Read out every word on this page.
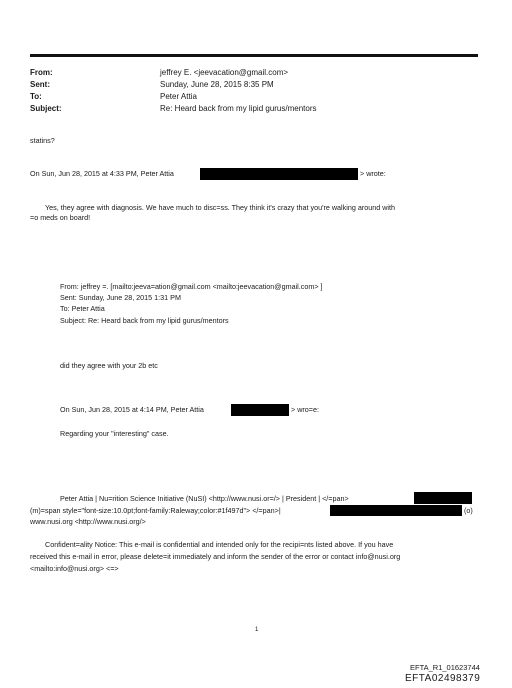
From:	jeffrey E. <jeevacation@gmail.com>
Sent:	Sunday, June 28, 2015 8:35 PM
To:	Peter Attia
Subject:	Re: Heard back from my lipid gurus/mentors
statins?
On Sun, Jun 28, 2015 at 4:33 PM, Peter Attia	> wrote:
Yes, they agree with diagnosis. We have much to disc=ss. They think it's crazy that you're walking around with
=o meds on board!
From: jeffrey =. [mailto:jeeva=ation@gmail.com <mailto:jeevacation@gmail.com> ]
Sent: Sunday, June 28, 2015 1:31 PM
To: Peter Attia
Subject: Re: Heard back from my lipid gurus/mentors
did they agree with your 2b etc
On Sun, Jun 28, 2015 at 4:14 PM, Peter Attia	> wro=e:
Regarding your "interesting" case.
Peter Attia | Nu=rition Science Initiative (NuSI) <http://www.nusi.or=/> | President | </=pan>
(m)=span style="font-size:10.0pt;font-family:Raleway;color:#1f497d"> </=pan>|	(o)
www.nusi.org <http://www.nusi.org/>
Confident=ality Notice: This e-mail is confidential and intended only for the recipi=nts listed above. If you have
received this e-mail in error, please delete=it immediately and inform the sender of the error or contact info@nusi.org
<mailto:info@nusi.org> <=>
1
EFTA_R1_01623744
EFTA02498379
